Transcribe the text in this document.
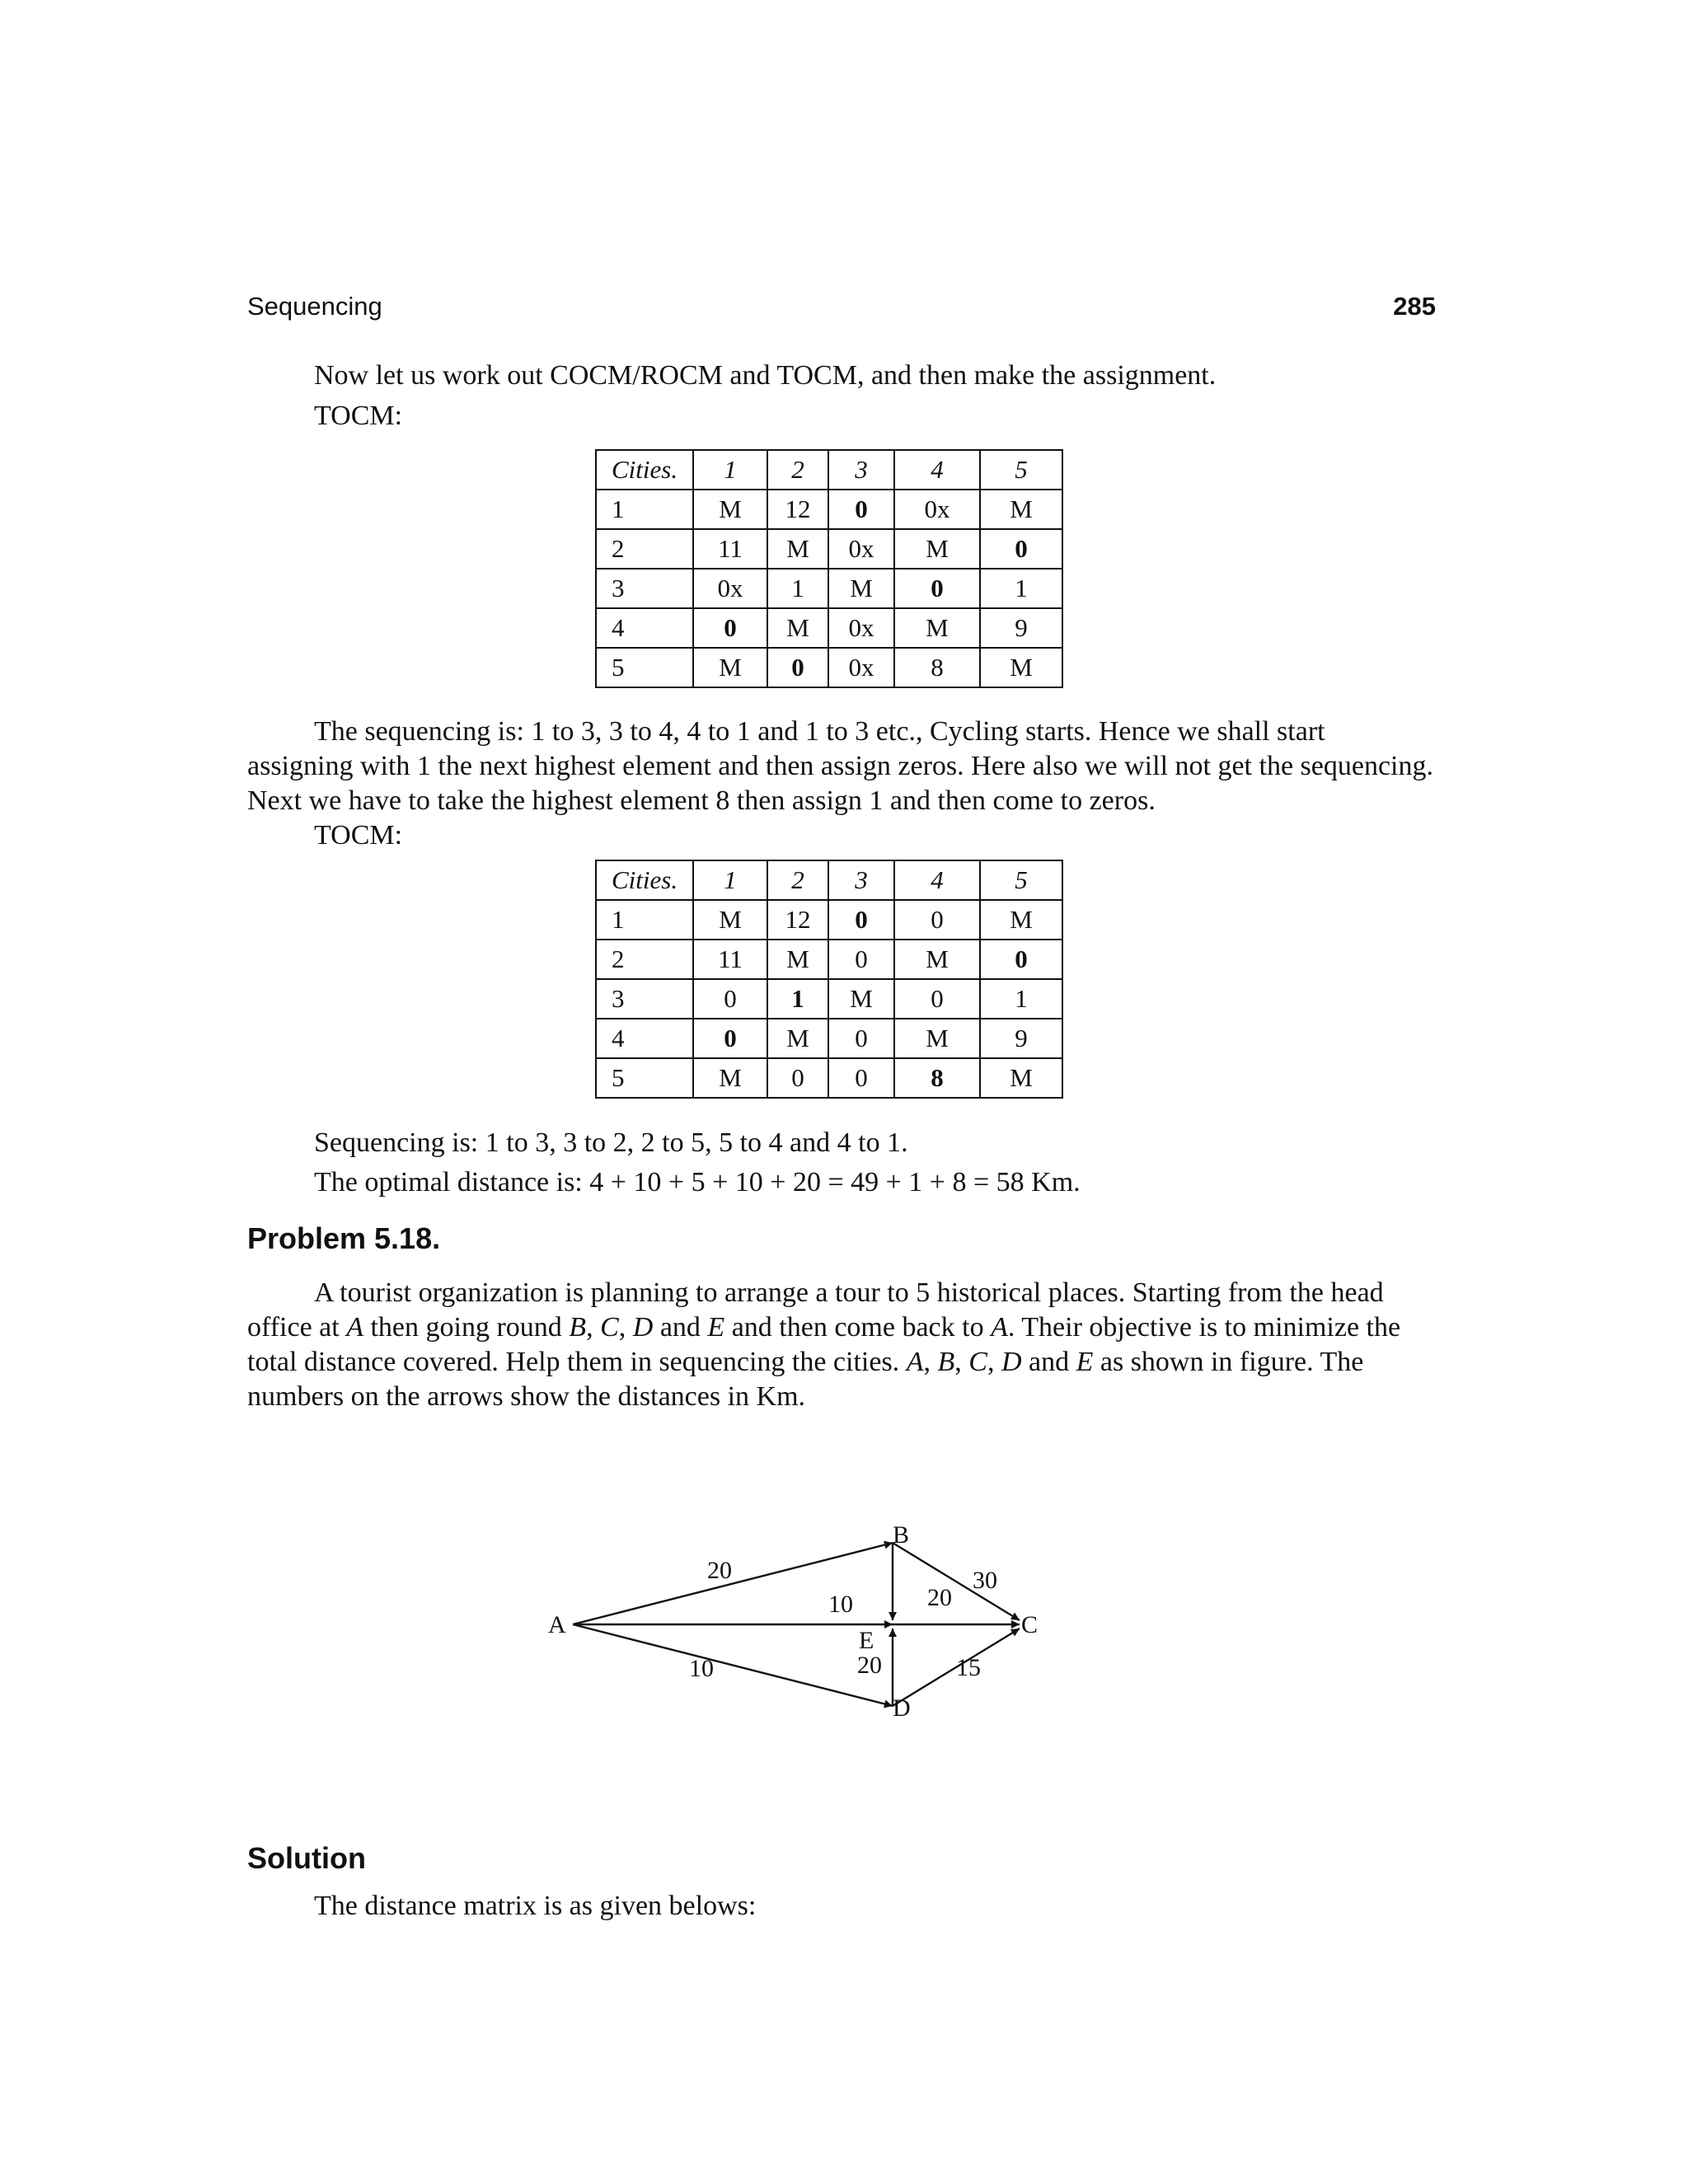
Sequencing	285
Now let us work out COCM/ROCM and TOCM, and then make the assignment.
TOCM:
Cities.	1	2	3	4	5
1	M	12	0	0x	M
2	11	M	0x	M	0
3	0x	1	M	0	1
4	0	M	0x	M	9
5	M	0	0x	8	M
The sequencing is: 1 to 3, 3 to 4, 4 to 1 and 1 to 3 etc., Cycling starts. Hence we shall start
assigning with 1 the next highest element and then assign zeros. Here also we will not get the sequencing.
Next we have to take the highest element 8 then assign 1 and then come to zeros.
TOCM:
Cities.	1	2	3	4	5
1	M	12	0	0	M
2	11	M	0	M	0
3	0	1	M	0	1
4	0	M	0	M	9
5	M	0	0	8	M
Sequencing is: 1 to 3, 3 to 2, 2 to 5, 5 to 4 and 4 to 1.
The optimal distance is: 4 + 10 + 5 + 10 + 20 = 49 + 1 + 8 = 58 Km.
Problem 5.18.
A tourist organization is planning to arrange a tour to 5 historical places. Starting from the head
office at A then going round B, C, D and E and then come back to A. Their objective is to minimize the
total distance covered. Help them in sequencing the cities. A, B, C, D and E as shown in figure. The
numbers on the arrows show the distances in Km.
A
B
C
D
E
20
10
10
20
30
20	15
Solution
The distance matrix is as given belows:
